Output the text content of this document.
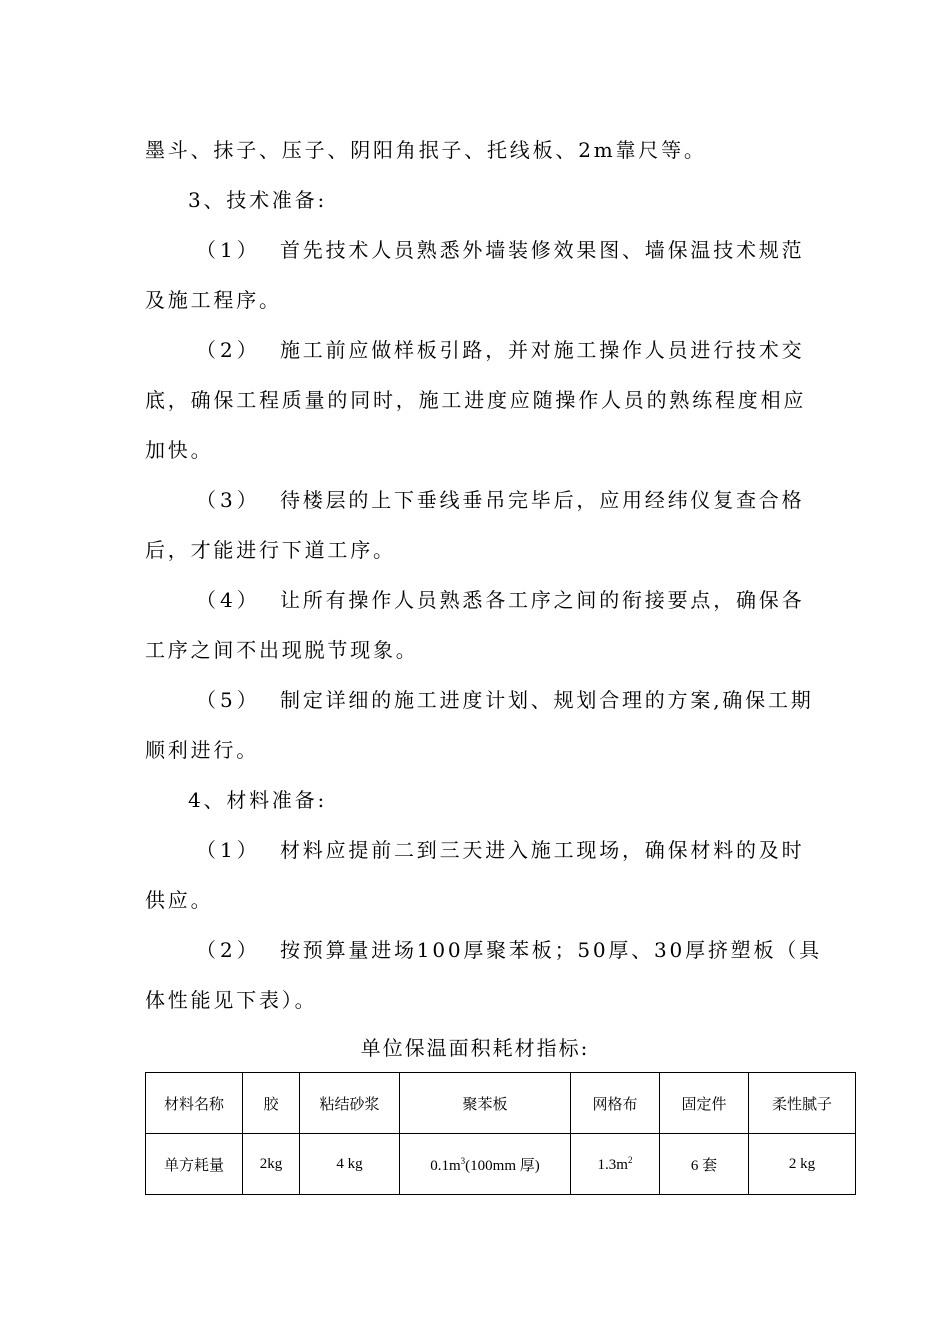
墨斗、抹子、压子、阴阳角抿子、托线板、2m靠尺等。
3、技术准备:
（1） 首先技术人员熟悉外墙装修效果图、墙保温技术规范
及施工程序。
（2） 施工前应做样板引路，并对施工操作人员进行技术交
底，确保工程质量的同时，施工进度应随操作人员的熟练程度相应
加快。
（3） 待楼层的上下垂线垂吊完毕后，应用经纬仪复查合格
后，才能进行下道工序。
（4） 让所有操作人员熟悉各工序之间的衔接要点，确保各
工序之间不出现脱节现象。
（5） 制定详细的施工进度计划、规划合理的方案,确保工期
顺利进行。
4、材料准备:
（1） 材料应提前二到三天进入施工现场，确保材料的及时
供应。
（2） 按预算量进场100厚聚苯板；50厚、30厚挤塑板（具
体性能见下表）。
单位保温面积耗材指标:
材料名称	胶	粘结砂浆	聚苯板	网格布	固定件	柔性腻子
单方耗量	2kg	4 kg	$0.1m^3(100mm$ 厚)	$1.3m^2$	6 套	2 kg
